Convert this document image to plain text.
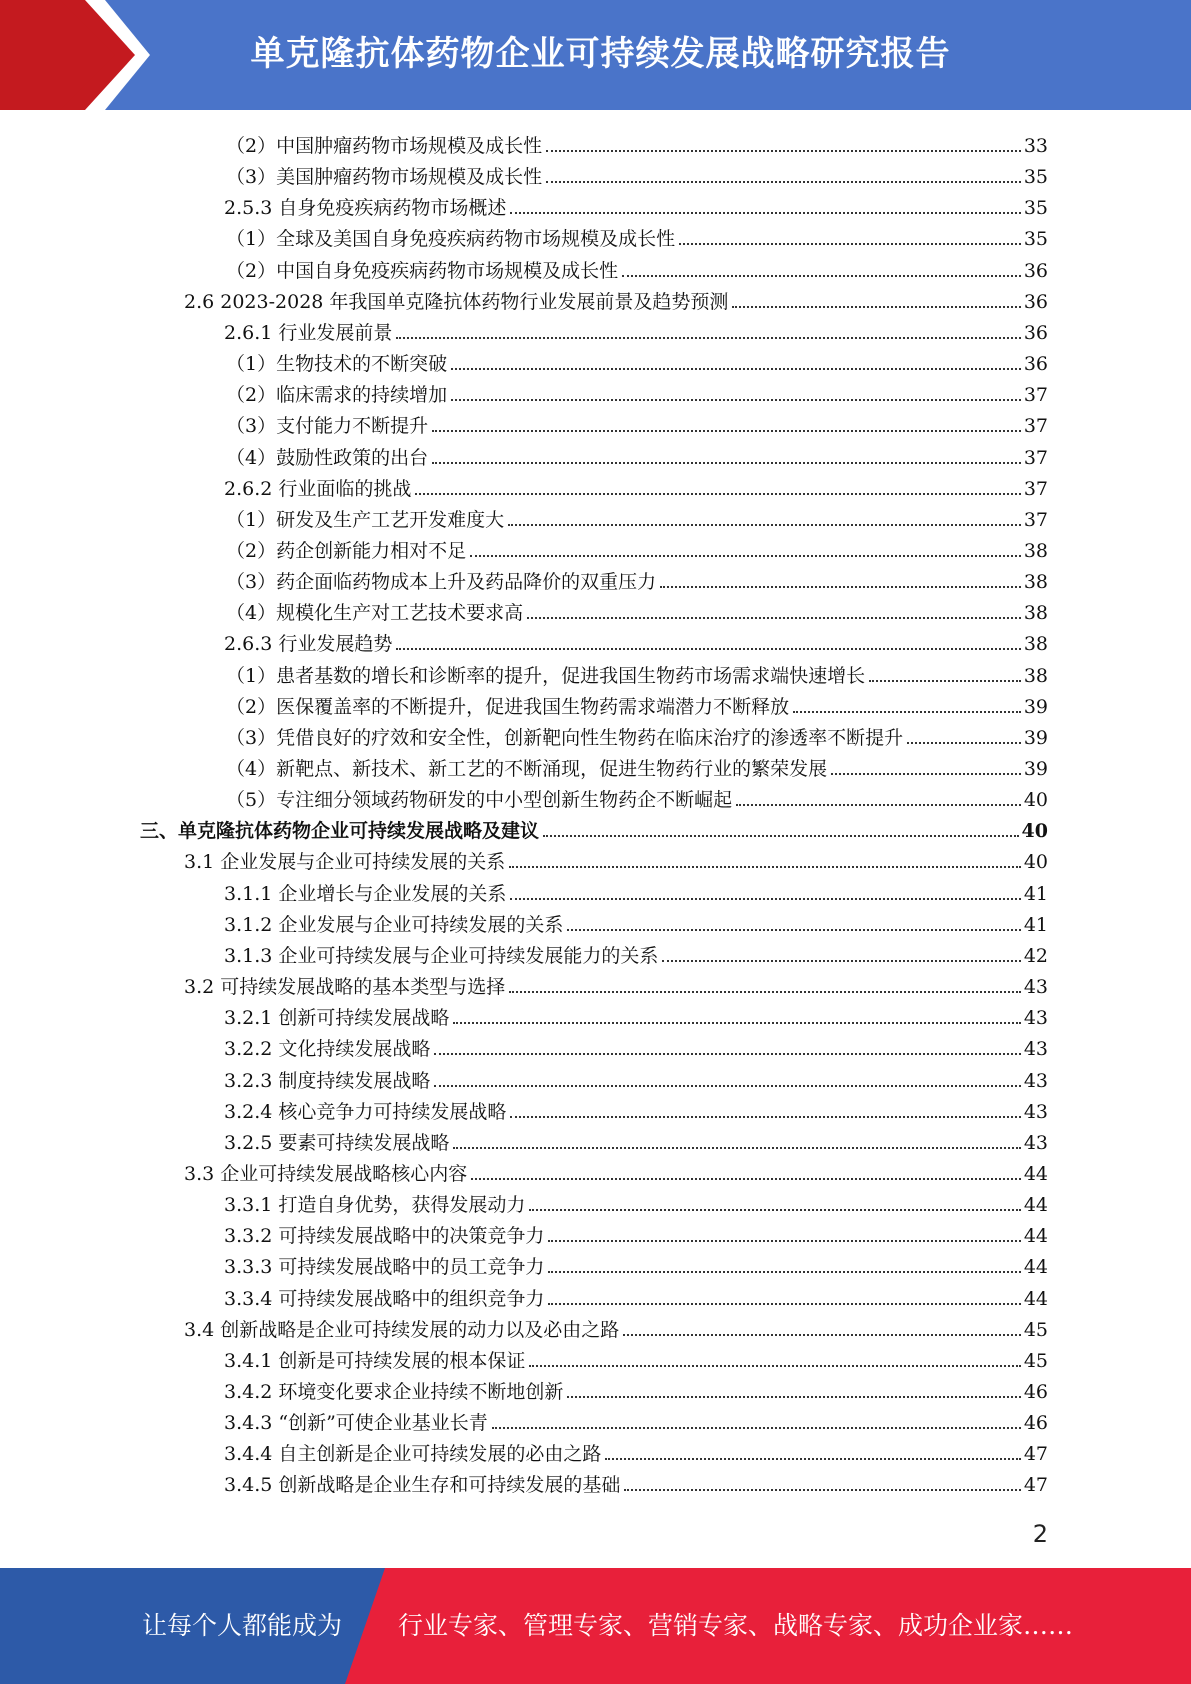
单克隆抗体药物企业可持续发展战略研究报告
（2）中国肿瘤药物市场规模及成长性	33
（3）美国肿瘤药物市场规模及成长性	35
2.5.3 自身免疫疾病药物市场概述	35
（1）全球及美国自身免疫疾病药物市场规模及成长性	35
（2）中国自身免疫疾病药物市场规模及成长性	36
2.6 2023-2028 年我国单克隆抗体药物行业发展前景及趋势预测	36
2.6.1 行业发展前景	36
（1）生物技术的不断突破	36
（2）临床需求的持续增加	37
（3）支付能力不断提升	37
（4）鼓励性政策的出台	37
2.6.2 行业面临的挑战	37
（1）研发及生产工艺开发难度大	37
（2）药企创新能力相对不足	38
（3）药企面临药物成本上升及药品降价的双重压力	38
（4）规模化生产对工艺技术要求高	38
2.6.3 行业发展趋势	38
（1）患者基数的增长和诊断率的提升，促进我国生物药市场需求端快速增长	38
（2）医保覆盖率的不断提升，促进我国生物药需求端潜力不断释放	39
（3）凭借良好的疗效和安全性，创新靶向性生物药在临床治疗的渗透率不断提升	39
（4）新靶点、新技术、新工艺的不断涌现，促进生物药行业的繁荣发展	39
（5）专注细分领域药物研发的中小型创新生物药企不断崛起	40
三、单克隆抗体药物企业可持续发展战略及建议	40
3.1 企业发展与企业可持续发展的关系	40
3.1.1 企业增长与企业发展的关系	41
3.1.2 企业发展与企业可持续发展的关系	41
3.1.3 企业可持续发展与企业可持续发展能力的关系	42
3.2 可持续发展战略的基本类型与选择	43
3.2.1 创新可持续发展战略	43
3.2.2 文化持续发展战略	43
3.2.3 制度持续发展战略	43
3.2.4 核心竞争力可持续发展战略	43
3.2.5 要素可持续发展战略	43
3.3 企业可持续发展战略核心内容	44
3.3.1 打造自身优势，获得发展动力	44
3.3.2 可持续发展战略中的决策竞争力	44
3.3.3 可持续发展战略中的员工竞争力	44
3.3.4 可持续发展战略中的组织竞争力	44
3.4 创新战略是企业可持续发展的动力以及必由之路	45
3.4.1 创新是可持续发展的根本保证	45
3.4.2 环境变化要求企业持续不断地创新	46
3.4.3 “创新”可使企业基业长青	46
3.4.4 自主创新是企业可持续发展的必由之路	47
3.4.5 创新战略是企业生存和可持续发展的基础	47
2
让每个人都能成为 行业专家、管理专家、营销专家、战略专家、成功企业家……
